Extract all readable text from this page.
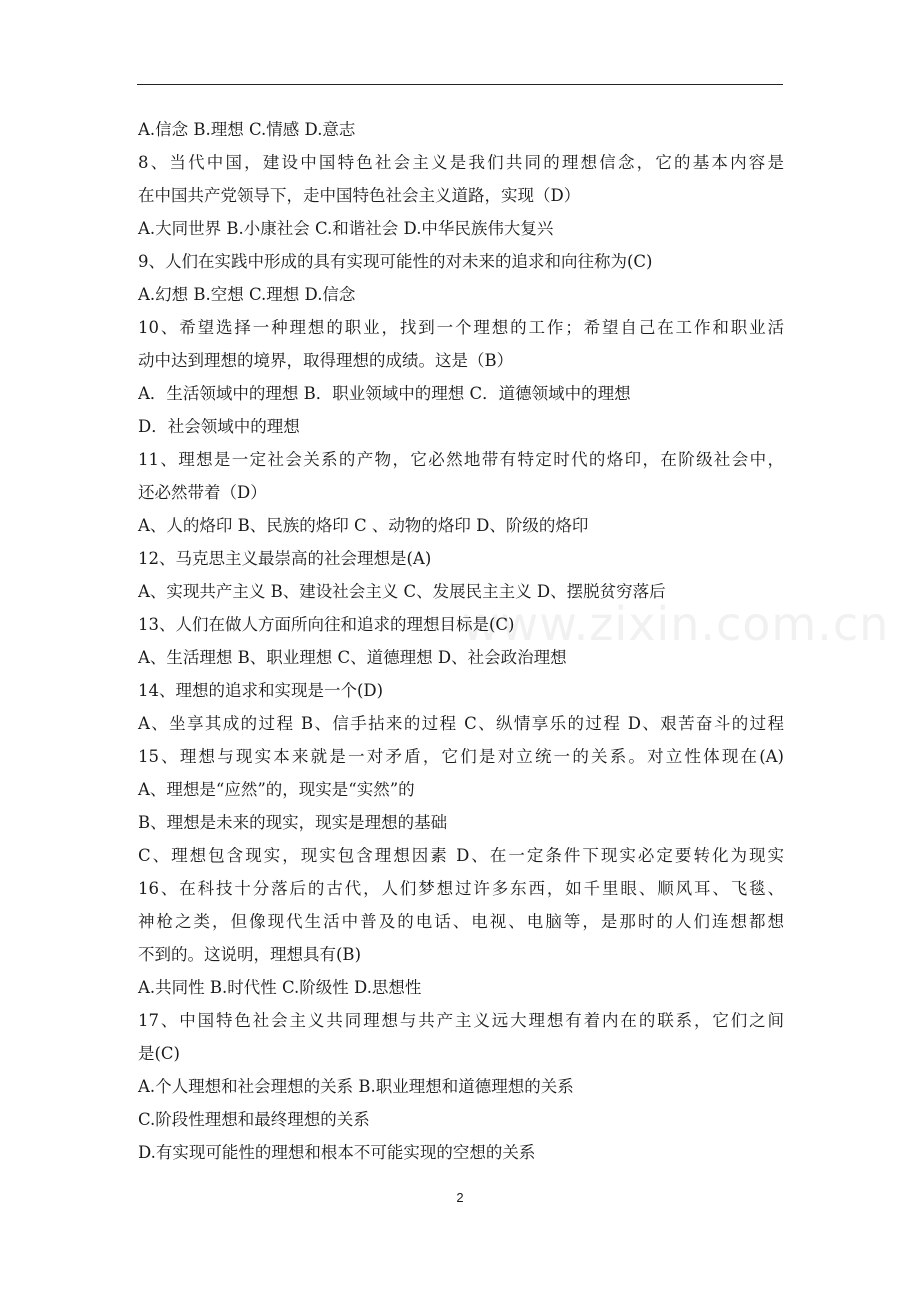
www.zixin.com.cn
A.信念 B.理想 C.情感 D.意志
8、当代中国，建设中国特色社会主义是我们共同的理想信念，它的基本内容是
在中国共产党领导下，走中国特色社会主义道路，实现（D）
A.大同世界 B.小康社会 C.和谐社会 D.中华民族伟大复兴
9、人们在实践中形成的具有实现可能性的对未来的追求和向往称为(C)
A.幻想 B.空想 C.理想 D.信念
10、希望选择一种理想的职业，找到一个理想的工作；希望自己在工作和职业活
动中达到理想的境界，取得理想的成绩。这是（B）
A．生活领域中的理想 B．职业领域中的理想 C．道德领域中的理想
D．社会领域中的理想
11、理想是一定社会关系的产物，它必然地带有特定时代的烙印，在阶级社会中，
还必然带着（D）
A、人的烙印 B、民族的烙印 C 、动物的烙印 D、阶级的烙印
12、马克思主义最崇高的社会理想是(A)
A、实现共产主义 B、建设社会主义 C、发展民主主义 D、摆脱贫穷落后
13、人们在做人方面所向往和追求的理想目标是(C)
A、生活理想 B、职业理想 C、道德理想 D、社会政治理想
14、理想的追求和实现是一个(D)
A、坐享其成的过程 B、信手拈来的过程 C、纵情享乐的过程 D、艰苦奋斗的过程
15、理想与现实本来就是一对矛盾，它们是对立统一的关系。对立性体现在(A)
A、理想是“应然”的，现实是“实然”的
B、理想是未来的现实，现实是理想的基础
C、理想包含现实，现实包含理想因素 D、在一定条件下现实必定要转化为现实
16、在科技十分落后的古代，人们梦想过许多东西，如千里眼、顺风耳、飞毯、
神枪之类，但像现代生活中普及的电话、电视、电脑等，是那时的人们连想都想
不到的。这说明，理想具有(B)
A.共同性 B.时代性 C.阶级性 D.思想性
17、中国特色社会主义共同理想与共产主义远大理想有着内在的联系，它们之间
是(C)
A.个人理想和社会理想的关系 B.职业理想和道德理想的关系
C.阶段性理想和最终理想的关系
D.有实现可能性的理想和根本不可能实现的空想的关系
2
